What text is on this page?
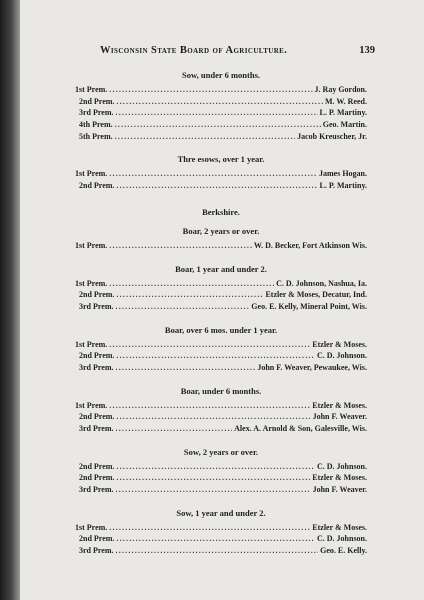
Wisconsin State Board of Agriculture.	139
Sow, under 6 months.
1st Prem. .....	J. Ray Gordon.
2nd Prem. .....	M. W. Reed.
3rd Prem. .....	L. P. Martiny.
4th Prem. .....	Geo. Martin.
5th Prem. .....	Jacob Kreuscher, Jr.
Thre esows, over 1 year.
1st Prem. .....	James Hogan.
2nd Prem. .....	L. P. Martiny.
Berkshire.
Boar, 2 years or over.
1st Prem. .....	W. D. Becker, Fort Atkinson Wis.
Boar, 1 year and under 2.
1st Prem. .....	C. D. Johnson, Nashua, Ia.
2nd Prem. .....	Etzler & Moses, Decatur, Ind.
3rd Prem. .....	Geo. E. Kelly, Mineral Point, Wis.
Boar, over 6 mos. under 1 year.
1st Prem. .....	Etzler & Moses.
2nd Prem. .....	C. D. Johnson.
3rd Prem. .....	John F. Weaver, Pewaukee, Wis.
Boar, under 6 months.
1st Prem. .....	Etzler & Moses.
2nd Prem. .....	John F. Weaver.
3rd Prem. .....	Alex. A. Arnold & Son, Galesville, Wis.
Sow, 2 years or over.
2nd Prem. .....	C. D. Johnson.
2nd Prem. .....	Etzler & Moses.
3rd Prem. .....	John F. Weaver.
Sow, 1 year and under 2.
1st Prem. .....	Etzler & Moses.
2nd Prem. .....	C. D. Johnson.
3rd Prem. .....	Geo. E. Kelly.
